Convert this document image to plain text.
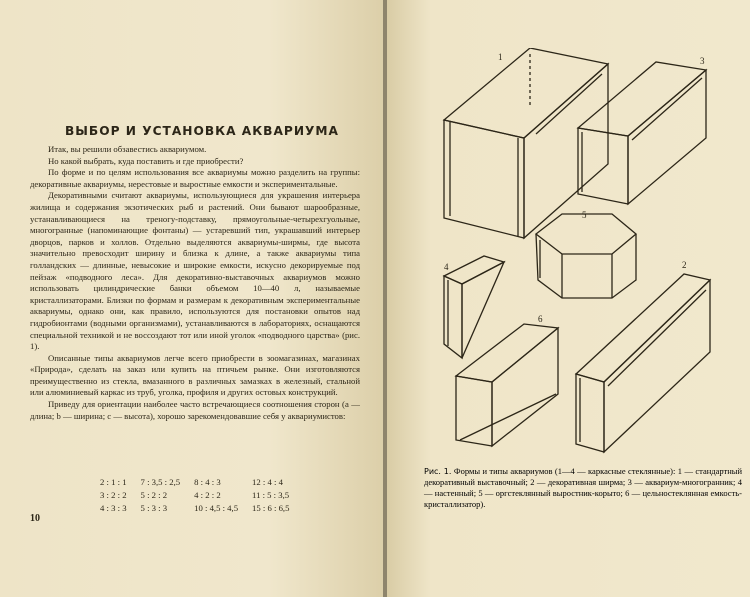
ВЫБОР И УСТАНОВКА АКВАРИУМА

Итак, вы решили обзавестись аквариумом.

Но какой выбрать, куда поставить и где приобрести?

По форме и по целям использования все аквариумы можно разделить на группы: декоративные аквариумы, нерестовые и выростные емкости и экспериментальные.

Декоративными считают аквариумы, использующиеся для украшения интерьера жилища и содержания экзотических рыб и растений. Они бывают шарообразные, устанавливающиеся на треногу-подставку, прямоугольные-четырехгуольные, многогранные (напоминающие фонтаны) — устаревший тип, украшавший интерьер дворцов, парков и холлов. Отдельно выделяются аквариумы-ширмы, где высота значительно превосходит ширину и близка к длине, а также аквариумы типа голландских — длинные, невысокие и широкие емкости, искусно декорируемые под пейзаж «подводного леса». Для декоративно-выставочных аквариумов можно использовать цилиндрические банки объемом 10—40 л, называемые кристаллизаторами. Близки по формам и размерам к декоративным экспериментальные аквариумы, однако они, как правило, используются для постановки опытов над гидробионтами (водными организмами), устанавливаются в лабораториях, оснащаются специальной техникой и не воссоздают тот или иной уголок «подводного царства» (рис. 1).

Описанные типы аквариумов легче всего приобрести в зоомагазинах, магазинах «Природа», сделать на заказ или купить на птичьем рынке. Они изготовляются преимущественно из стекла, вмазанного в различных замазках в железный, стальной или алюминиевый каркас из труб, уголка, профиля и других остовых конструкций.

Приведу для ориентации наиболее часто встречающиеся соотношения сторон (a — длина; b — ширина; c — высота), хорошо зарекомендовавшие себя у аквариумистов:

2 : 1 : 1	7 : 3,5 : 2,5	8 : 4 : 3	12 : 4 : 4
3 : 2 : 2	5 : 2 : 2	4 : 2 : 2	11 : 5 : 3,5
4 : 3 : 3	5 : 3 : 3	10 : 4,5 : 4,5	15 : 6 : 6,5
10
1	3
5
4	2
6
Рис. 1. Формы и типы аквариумов (1—4 — каркасные стеклянные): 1 — стандартный декоративный выставочный; 2 — декоративная ширма; 3 — аквариум-многогранник; 4 — настенный; 5 — оргстеклянный выростник-корыто; 6 — цельностеклянная емкость-кристаллизатор).
